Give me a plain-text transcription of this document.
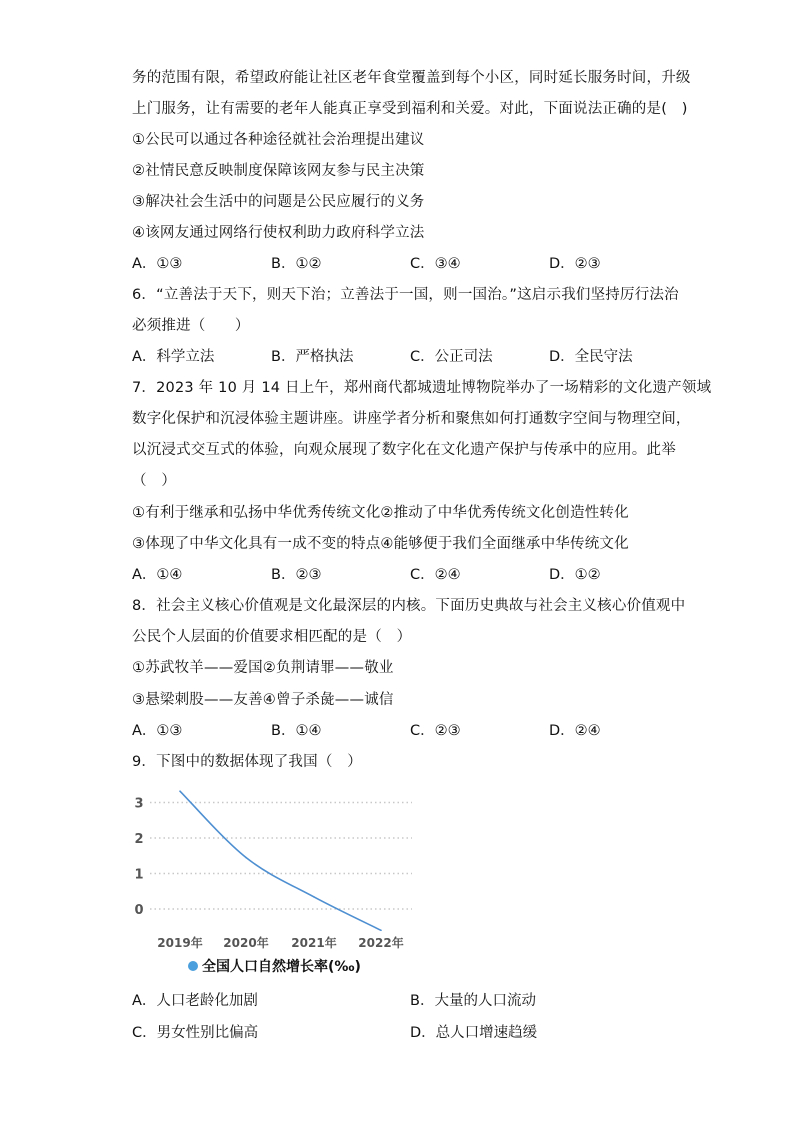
务的范围有限，希望政府能让社区老年食堂覆盖到每个小区，同时延长服务时间，升级
上门服务，让有需要的老年人能真正享受到福利和关爱。对此，下面说法正确的是(　)
①公民可以通过各种途径就社会治理提出建议
②社情民意反映制度保障该网友参与民主决策
③解决社会生活中的问题是公民应履行的义务
④该网友通过网络行使权利助力政府科学立法
A．①③	B．①②	C．③④	D．②③
6．“立善法于天下，则天下治；立善法于一国，则一国治。”这启示我们坚持厉行法治
必须推进（　　）
A．科学立法	B．严格执法	C．公正司法	D．全民守法
7．2023 年 10 月 14 日上午，郑州商代都城遗址博物院举办了一场精彩的文化遗产领域
数字化保护和沉浸体验主题讲座。讲座学者分析和聚焦如何打通数字空间与物理空间，
以沉浸式交互式的体验，向观众展现了数字化在文化遗产保护与传承中的应用。此举
（　）
①有利于继承和弘扬中华优秀传统文化②推动了中华优秀传统文化创造性转化
③体现了中华文化具有一成不变的特点④能够便于我们全面继承中华传统文化
A．①④	B．②③	C．②④	D．①②
8．社会主义核心价值观是文化最深层的内核。下面历史典故与社会主义核心价值观中
公民个人层面的价值要求相匹配的是（　）
①苏武牧羊——爱国②负荆请罪——敬业
③悬梁刺股——友善④曾子杀彘——诚信
A．①③	B．①④	C．②③	D．②④
9．下图中的数据体现了我国（　）
3
2
1
0
2019年 2020年 2021年 2022年
全国人口自然增长率(‰)
A．人口老龄化加剧	B．大量的人口流动
C．男女性别比偏高	D．总人口增速趋缓
